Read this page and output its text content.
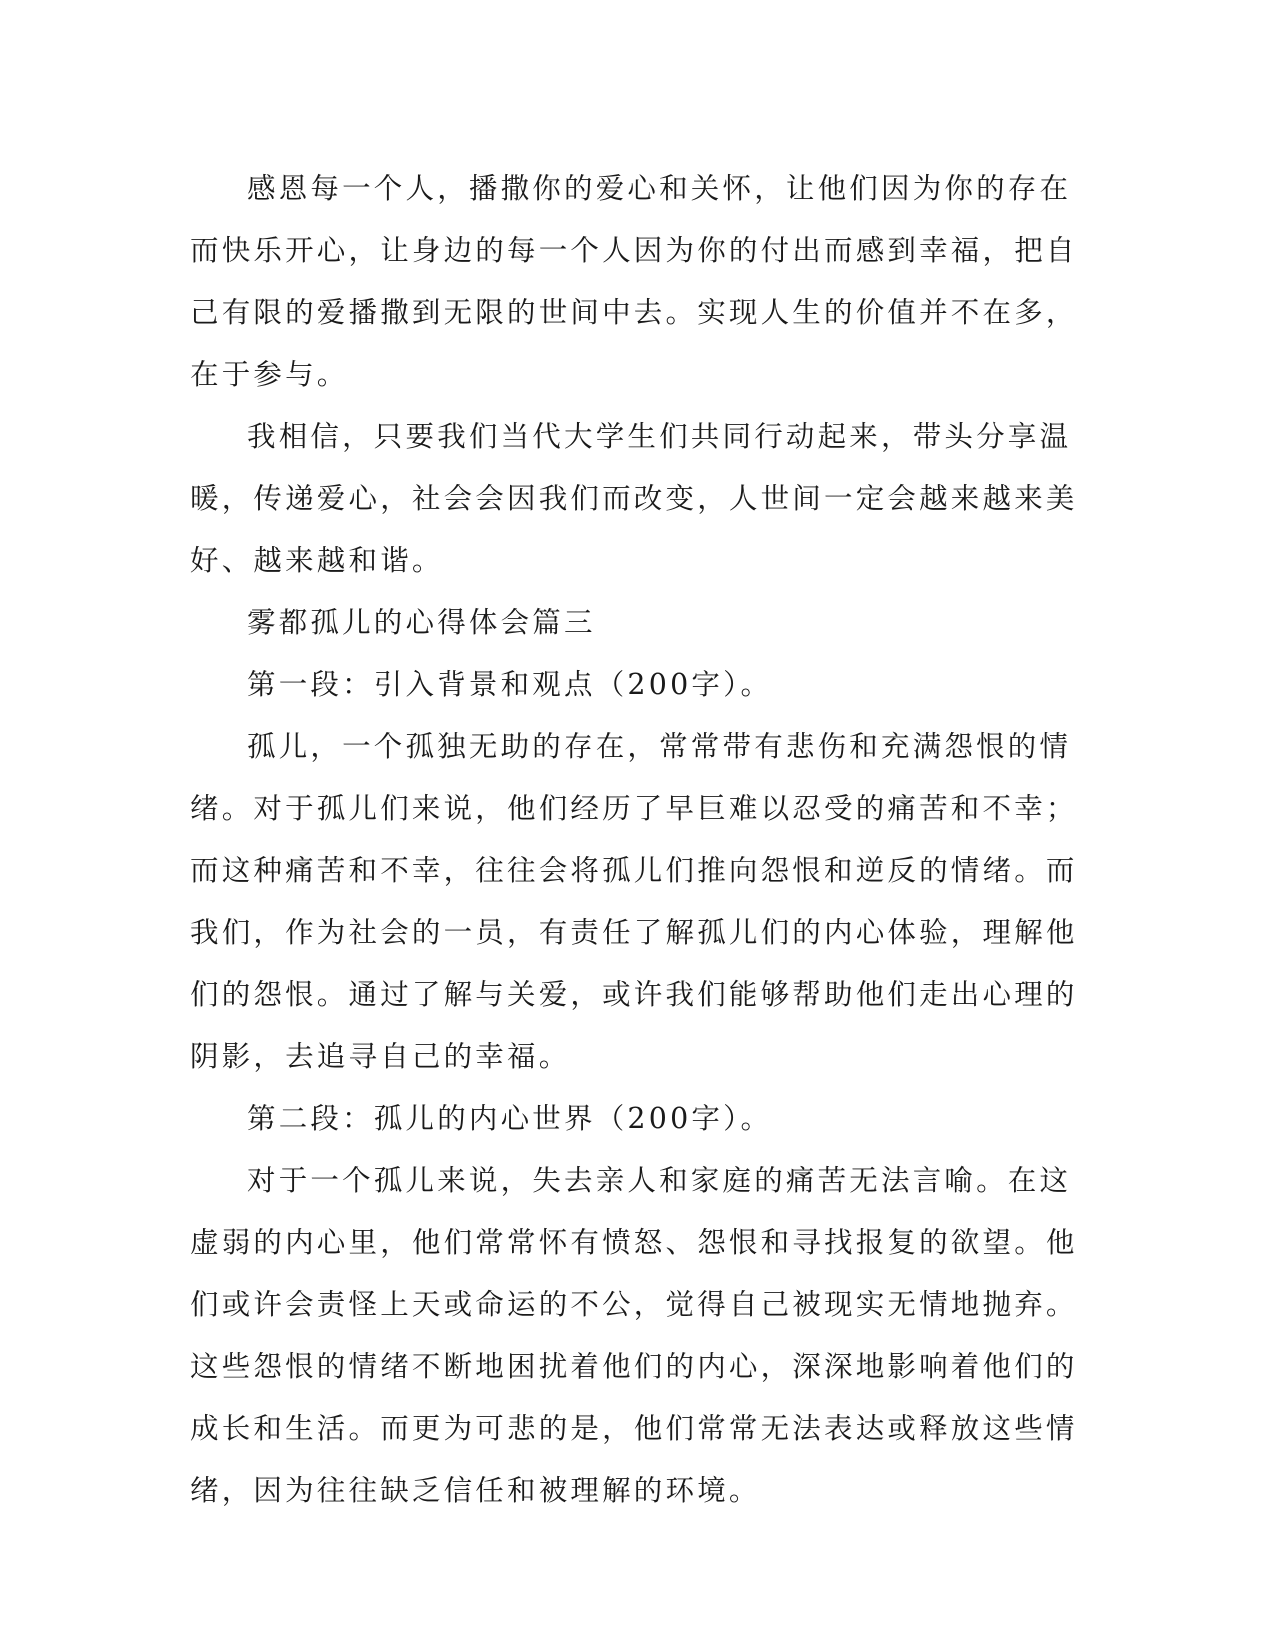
感恩每一个人，播撒你的爱心和关怀，让他们因为你的存在而快乐开心，让身边的每一个人因为你的付出而感到幸福，把自己有限的爱播撒到无限的世间中去。实现人生的价值并不在多，在于参与。

我相信，只要我们当代大学生们共同行动起来，带头分享温暖，传递爱心，社会会因我们而改变，人世间一定会越来越来美好、越来越和谐。

雾都孤儿的心得体会篇三

第一段：引入背景和观点（200字）。

孤儿，一个孤独无助的存在，常常带有悲伤和充满怨恨的情绪。对于孤儿们来说，他们经历了早巨难以忍受的痛苦和不幸；而这种痛苦和不幸，往往会将孤儿们推向怨恨和逆反的情绪。而我们，作为社会的一员，有责任了解孤儿们的内心体验，理解他们的怨恨。通过了解与关爱，或许我们能够帮助他们走出心理的阴影，去追寻自己的幸福。

第二段：孤儿的内心世界（200字）。

对于一个孤儿来说，失去亲人和家庭的痛苦无法言喻。在这虚弱的内心里，他们常常怀有愤怒、怨恨和寻找报复的欲望。他们或许会责怪上天或命运的不公，觉得自己被现实无情地抛弃。这些怨恨的情绪不断地困扰着他们的内心，深深地影响着他们的成长和生活。而更为可悲的是，他们常常无法表达或释放这些情绪，因为往往缺乏信任和被理解的环境。
